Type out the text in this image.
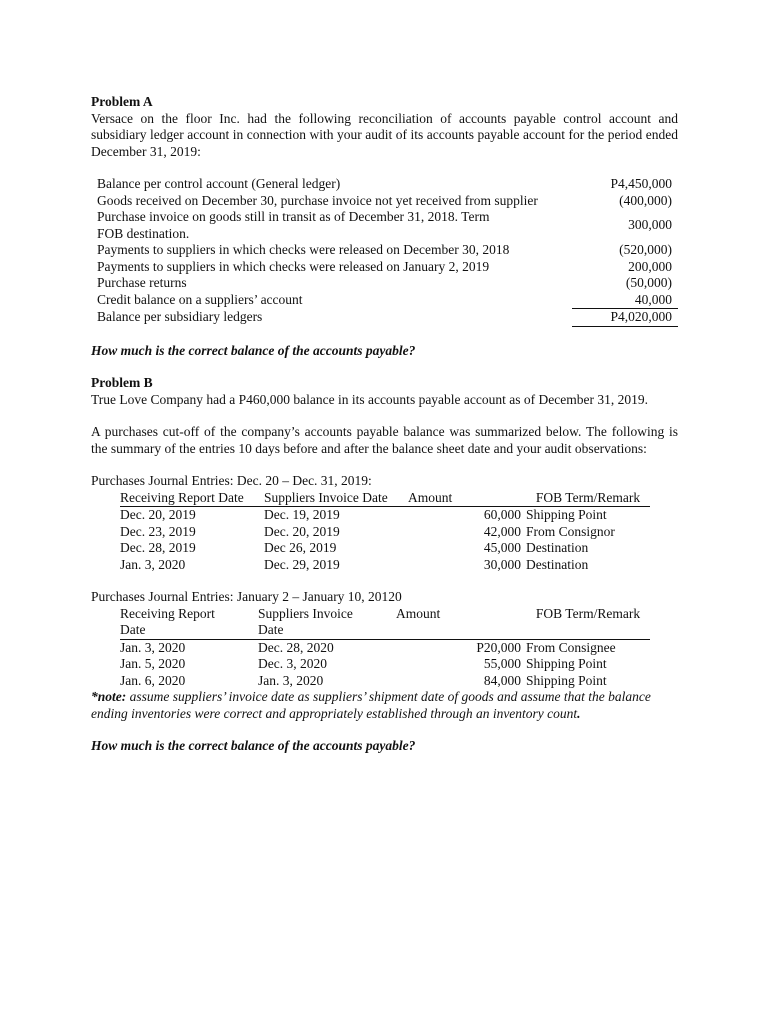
Problem A
Versace on the floor Inc. had the following reconciliation of accounts payable control account and subsidiary ledger account in connection with your audit of its accounts payable account for the period ended December 31, 2019:
Balance per control account (General ledger)	P4,450,000
Goods received on December 30, purchase invoice not yet received from supplier	(400,000)
Purchase invoice on goods still in transit as of December 31, 2018. Term FOB destination.	300,000
Payments to suppliers in which checks were released on December 30, 2018	(520,000)
Payments to suppliers in which checks were released on January 2, 2019	200,000
Purchase returns	(50,000)
Credit balance on a suppliers’ account	40,000
Balance per subsidiary ledgers	P4,020,000
How much is the correct balance of the accounts payable?
Problem B
True Love Company had a P460,000 balance in its accounts payable account as of December 31, 2019.
A purchases cut-off of the company’s accounts payable balance was summarized below. The following is the summary of the entries 10 days before and after the balance sheet date and your audit observations:
Purchases Journal Entries: Dec. 20 – Dec. 31, 2019:
Receiving Report Date	Suppliers Invoice Date	Amount	FOB Term/Remark
Dec. 20, 2019	Dec. 19, 2019	60,000	Shipping Point
Dec. 23, 2019	Dec. 20, 2019	42,000	From Consignor
Dec. 28, 2019	Dec 26, 2019	45,000	Destination
Jan. 3, 2020	Dec. 29, 2019	30,000	Destination
Purchases Journal Entries: January 2 – January 10, 20120
Receiving Report	Suppliers Invoice	Amount	FOB Term/Remark
Date	Date		
Jan. 3, 2020	Dec. 28, 2020	P20,000	From Consignee
Jan. 5, 2020	Dec. 3, 2020	55,000	Shipping Point
Jan. 6, 2020	Jan. 3, 2020	84,000	Shipping Point
*note: assume suppliers’ invoice date as suppliers’ shipment date of goods and assume that the balance ending inventories were correct and appropriately established through an inventory count.
How much is the correct balance of the accounts payable?
